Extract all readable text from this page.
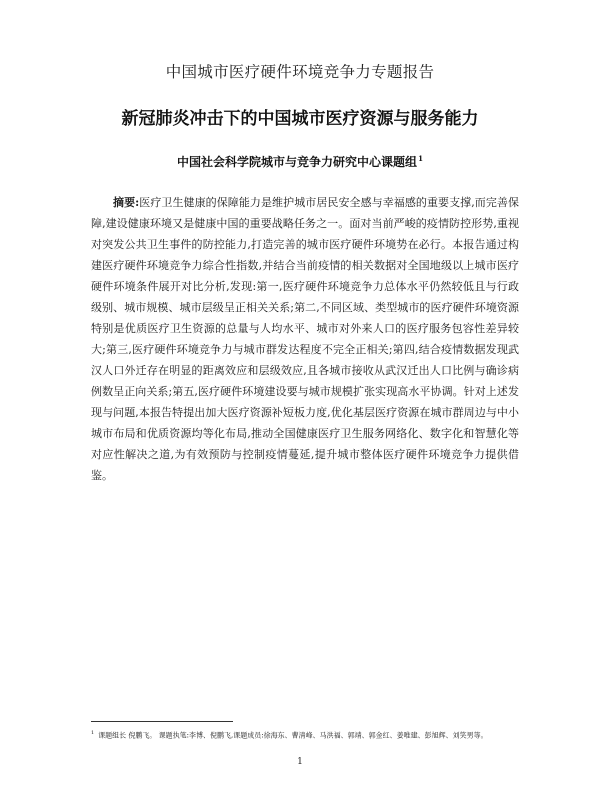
中国城市医疗硬件环境竞争力专题报告
新冠肺炎冲击下的中国城市医疗资源与服务能力
中国社会科学院城市与竞争力研究中心课题组$^1$

摘要:医疗卫生健康的保障能力是维护城市居民安全感与幸福感的重要支撑,而完善保障,建设健康环境又是健康中国的重要战略任务之一。面对当前严峻的疫情防控形势,重视对突发公共卫生事件的防控能力,打造完善的城市医疗硬件环境势在必行。本报告通过构建医疗硬件环境竞争力综合性指数,并结合当前疫情的相关数据对全国地级以上城市医疗硬件环境条件展开对比分析,发现:第一,医疗硬件环境竞争力总体水平仍然较低且与行政级别、城市规模、城市层级呈正相关关系;第二,不同区域、类型城市的医疗硬件环境资源特别是优质医疗卫生资源的总量与人均水平、城市对外来人口的医疗服务包容性差异较大;第三,医疗硬件环境竞争力与城市群发达程度不完全正相关;第四,结合疫情数据发现武汉人口外迁存在明显的距离效应和层级效应,且各城市接收从武汉迁出人口比例与确诊病例数呈正向关系;第五,医疗硬件环境建设要与城市规模扩张实现高水平协调。针对上述发现与问题,本报告特提出加大医疗资源补短板力度,优化基层医疗资源在城市群周边与中小城市布局和优质资源均等化布局,推动全国健康医疗卫生服务网络化、数字化和智慧化等对应性解决之道,为有效预防与控制疫情蔓延,提升城市整体医疗硬件环境竞争力提供借鉴。

$^1$ 课题组长 倪鹏飞。 课题执笔:李博、倪鹏飞,课题成员:徐海东、曹清峰、马洪福、郭靖、郭金红、姜唯建、彭旭辉、刘笑男等。

1
